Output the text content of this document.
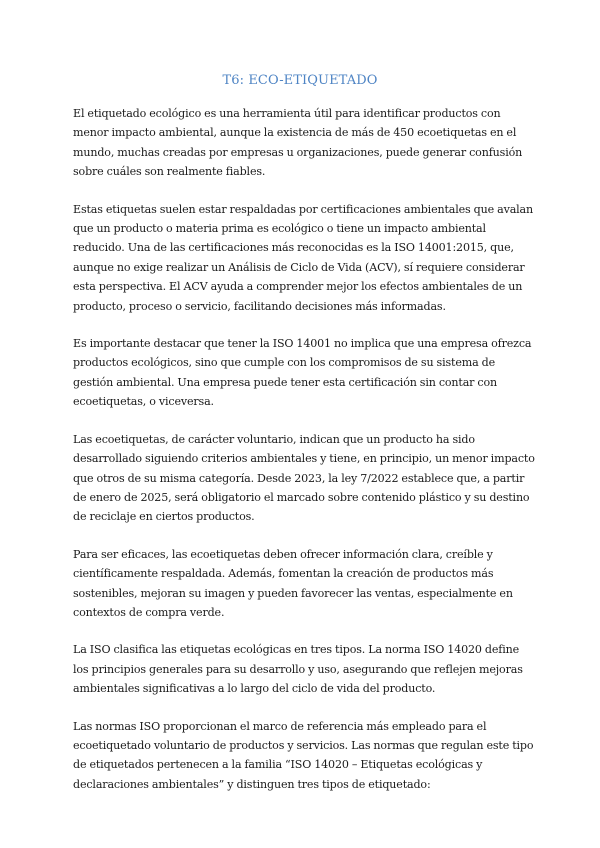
T6: ECO-ETIQUETADO

El etiquetado ecológico es una herramienta útil para identificar productos con menor impacto ambiental, aunque la existencia de más de 450 ecoetiquetas en el mundo, muchas creadas por empresas u organizaciones, puede generar confusión sobre cuáles son realmente fiables.

Estas etiquetas suelen estar respaldadas por certificaciones ambientales que avalan que un producto o materia prima es ecológico o tiene un impacto ambiental reducido. Una de las certificaciones más reconocidas es la ISO 14001:2015, que, aunque no exige realizar un Análisis de Ciclo de Vida (ACV), sí requiere considerar esta perspectiva. El ACV ayuda a comprender mejor los efectos ambientales de un producto, proceso o servicio, facilitando decisiones más informadas.

Es importante destacar que tener la ISO 14001 no implica que una empresa ofrezca productos ecológicos, sino que cumple con los compromisos de su sistema de gestión ambiental. Una empresa puede tener esta certificación sin contar con ecoetiquetas, o viceversa.

Las ecoetiquetas, de carácter voluntario, indican que un producto ha sido desarrollado siguiendo criterios ambientales y tiene, en principio, un menor impacto que otros de su misma categoría. Desde 2023, la ley 7/2022 establece que, a partir de enero de 2025, será obligatorio el marcado sobre contenido plástico y su destino de reciclaje en ciertos productos.

Para ser eficaces, las ecoetiquetas deben ofrecer información clara, creíble y científicamente respaldada. Además, fomentan la creación de productos más sostenibles, mejoran su imagen y pueden favorecer las ventas, especialmente en contextos de compra verde.

La ISO clasifica las etiquetas ecológicas en tres tipos. La norma ISO 14020 define los principios generales para su desarrollo y uso, asegurando que reflejen mejoras ambientales significativas a lo largo del ciclo de vida del producto.

Las normas ISO proporcionan el marco de referencia más empleado para el ecoetiquetado voluntario de productos y servicios. Las normas que regulan este tipo de etiquetados pertenecen a la familia “ISO 14020 – Etiquetas ecológicas y declaraciones ambientales” y distinguen tres tipos de etiquetado:
